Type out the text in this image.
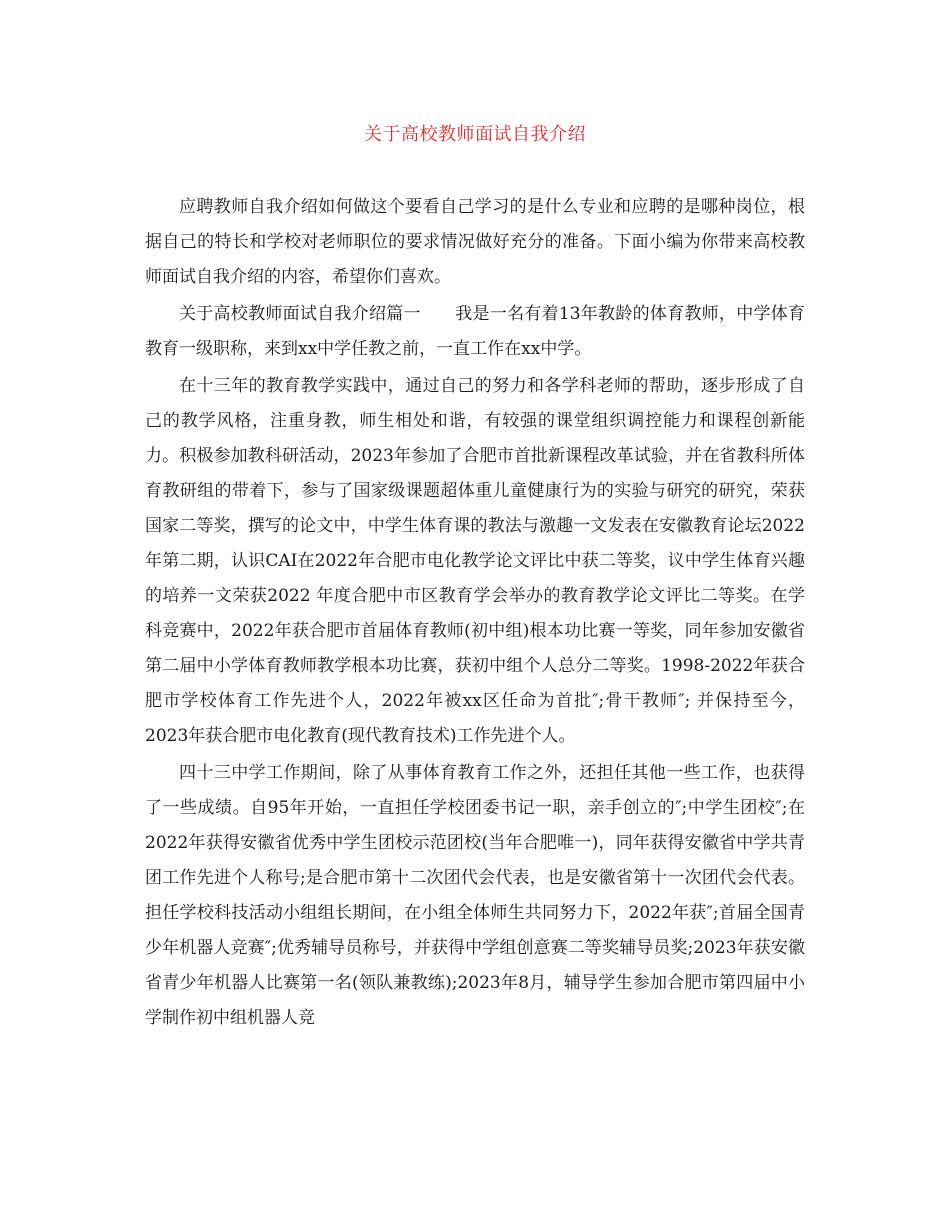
关于高校教师面试自我介绍

应聘教师自我介绍如何做这个要看自己学习的是什么专业和应聘的是哪种岗位，根据自己的特长和学校对老师职位的要求情况做好充分的准备。下面小编为你带来高校教师面试自我介绍的内容，希望你们喜欢。

关于高校教师面试自我介绍篇一　　我是一名有着13年教龄的体育教师，中学体育教育一级职称，来到xx中学任教之前，一直工作在xx中学。

在十三年的教育教学实践中，通过自己的努力和各学科老师的帮助，逐步形成了自己的教学风格，注重身教，师生相处和谐，有较强的课堂组织调控能力和课程创新能力。积极参加教科研活动，2023年参加了合肥市首批新课程改革试验，并在省教科所体育教研组的带着下，参与了国家级课题超体重儿童健康行为的实验与研究的研究，荣获国家二等奖，撰写的论文中，中学生体育课的教法与激趣一文发表在安徽教育论坛2022年第二期，认识CAI在2022年合肥市电化教学论文评比中获二等奖，议中学生体育兴趣的培养一文荣获2022 年度合肥中市区教育学会举办的教育教学论文评比二等奖。在学科竞赛中，2022年获合肥市首届体育教师(初中组)根本功比赛一等奖，同年参加安徽省第二届中小学体育教师教学根本功比赛，获初中组个人总分二等奖。1998-2022年获合肥市学校体育工作先进个人，2022年被xx区任命为首批″;骨干教师″; 并保持至今，2023年获合肥市电化教育(现代教育技术)工作先进个人。

四十三中学工作期间，除了从事体育教育工作之外，还担任其他一些工作，也获得了一些成绩。自95年开始，一直担任学校团委书记一职，亲手创立的″;中学生团校″;在2022年获得安徽省优秀中学生团校示范团校(当年合肥唯一)，同年获得安徽省中学共青团工作先进个人称号;是合肥市第十二次团代会代表，也是安徽省第十一次团代会代表。担任学校科技活动小组组长期间，在小组全体师生共同努力下，2022年获″;首届全国青少年机器人竞赛″;优秀辅导员称号，并获得中学组创意赛二等奖辅导员奖;2023年获安徽省青少年机器人比赛第一名(领队兼教练);2023年8月，辅导学生参加合肥市第四届中小学制作初中组机器人竞
